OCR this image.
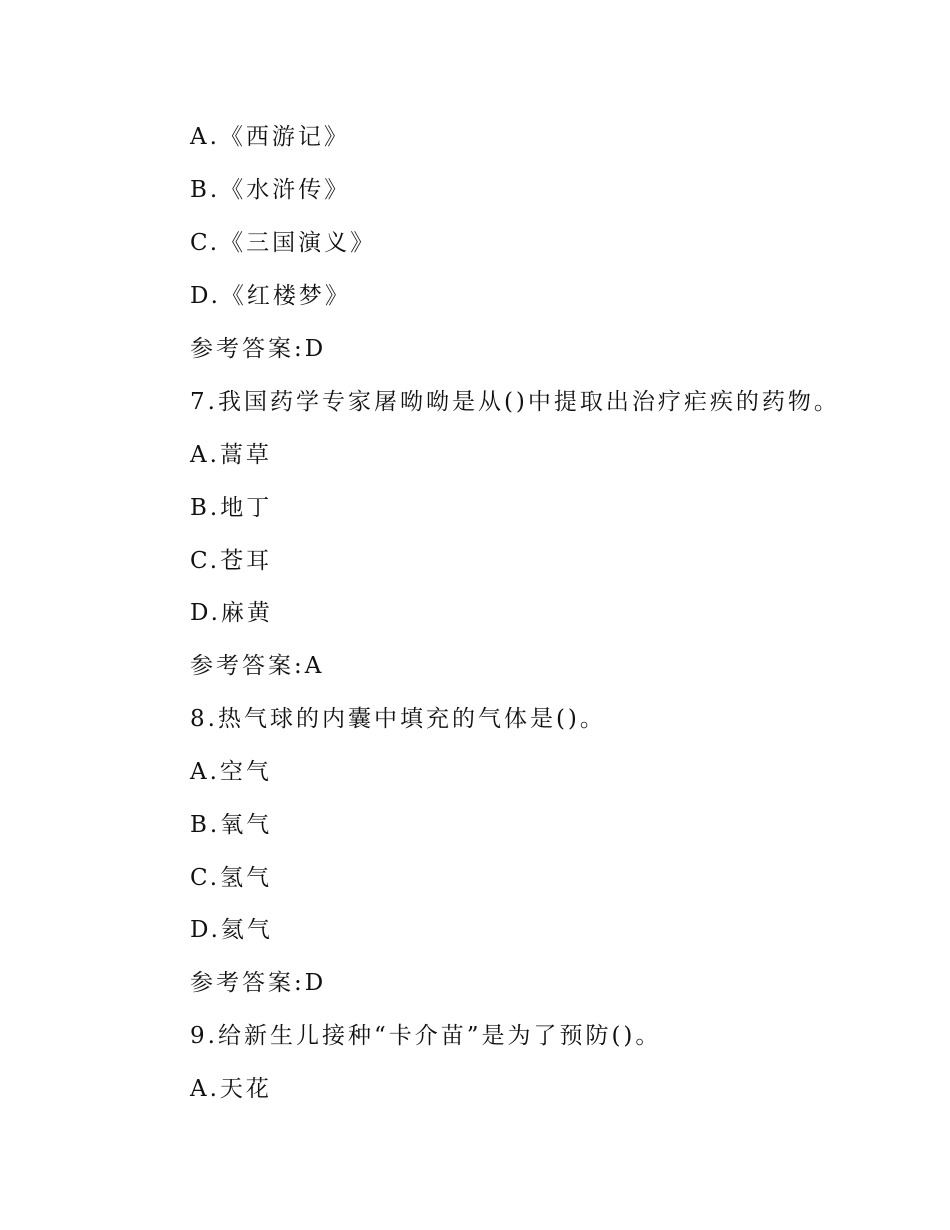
A.《西游记》
B.《水浒传》
C.《三国演义》
D.《红楼梦》
参考答案:D
7.我国药学专家屠呦呦是从()中提取出治疗疟疾的药物。
A.蒿草
B.地丁
C.苍耳
D.麻黄
参考答案:A
8.热气球的内囊中填充的气体是()。
A.空气
B.氧气
C.氢气
D.氦气
参考答案:D
9.给新生儿接种“卡介苗”是为了预防()。
A.天花
